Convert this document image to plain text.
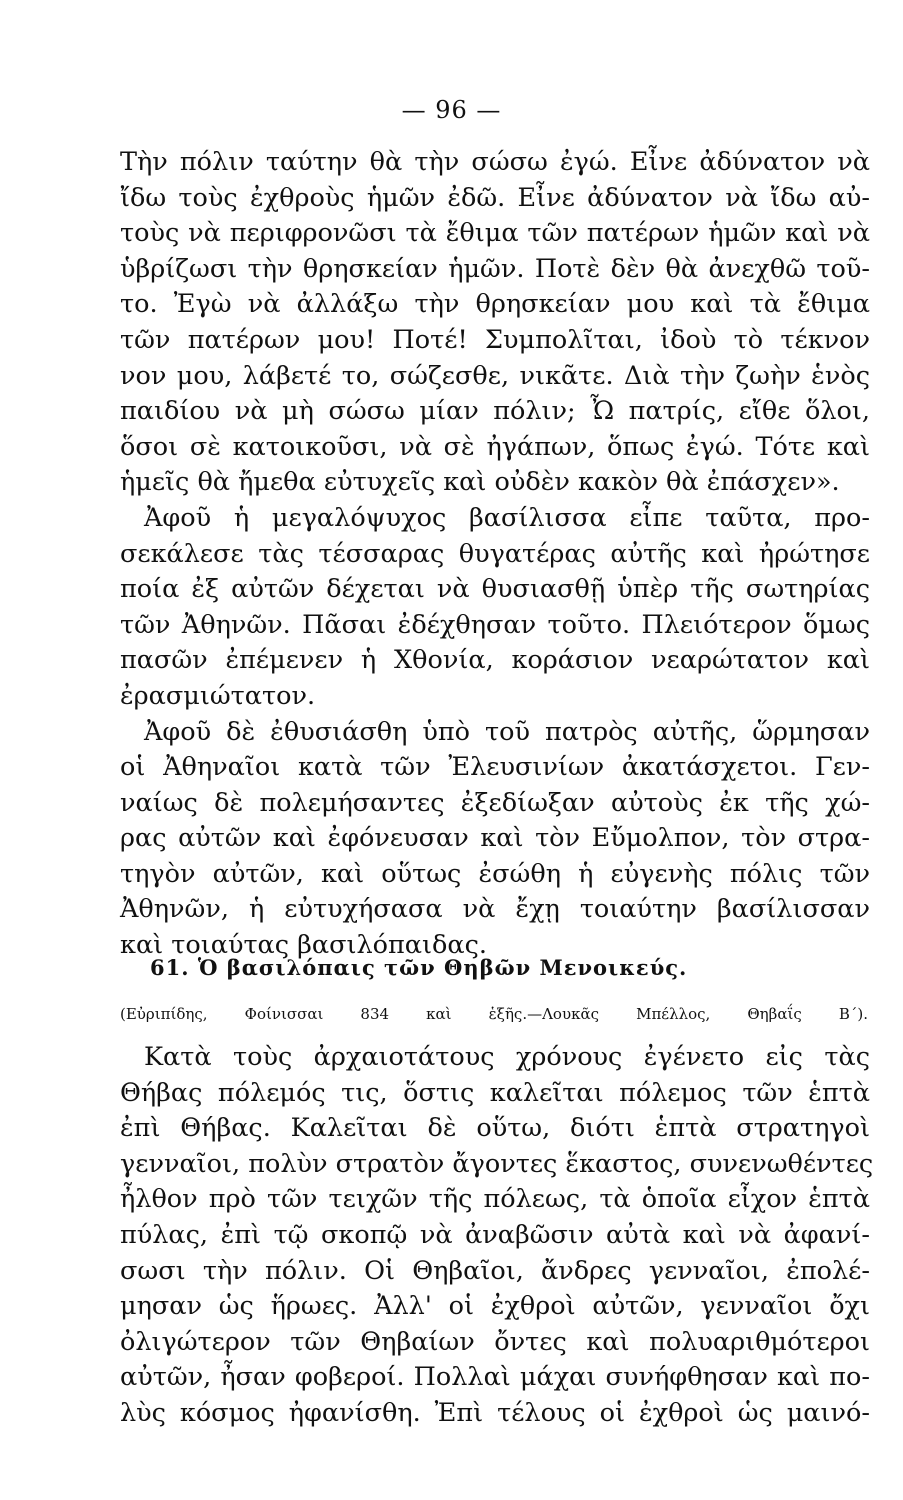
— 96 —
Τὴν πόλιν ταύτην θὰ τὴν σώσω ἐγώ. Εἶνε ἀδύνατον νὰ
ἴδω τοὺς ἐχθροὺς ἡμῶν ἐδῶ. Εἶνε ἀδύνατον νὰ ἴδω αὐ-
τοὺς νὰ περιφρονῶσι τὰ ἔθιμα τῶν πατέρων ἡμῶν καὶ νὰ
ὑβρίζωσι τὴν θρησκείαν ἡμῶν. Ποτὲ δὲν θὰ ἀνεχθῶ τοῦ-
το. Ἐγὼ νὰ ἀλλάξω τὴν θρησκείαν μου καὶ τὰ ἔθιμα
τῶν πατέρων μου! Ποτέ! Συμπολῖται, ἰδοὺ τὸ τέκνον
νον μου, λάβετέ το, σώζεσθε, νικᾶτε. Διὰ τὴν ζωὴν ἑνὸς
παιδίου νὰ μὴ σώσω μίαν πόλιν; Ὦ πατρίς, εἴθε ὅλοι,
ὅσοι σὲ κατοικοῦσι, νὰ σὲ ἠγάπων, ὅπως ἐγώ. Τότε καὶ
ἡμεῖς θὰ ἤμεθα εὐτυχεῖς καὶ οὐδὲν κακὸν θὰ ἐπάσχεν».
Ἀφοῦ ἡ μεγαλόψυχος βασίλισσα εἶπε ταῦτα, προ-
σεκάλεσε τὰς τέσσαρας θυγατέρας αὐτῆς καὶ ἠρώτησε
ποία ἐξ αὐτῶν δέχεται νὰ θυσιασθῇ ὑπὲρ τῆς σωτηρίας
τῶν Ἀθηνῶν. Πᾶσαι ἐδέχθησαν τοῦτο. Πλειότερον ὅμως
πασῶν ἐπέμενεν ἡ Χθονία, κοράσιον νεαρώτατον καὶ
ἐρασμιώτατον.
Ἀφοῦ δὲ ἐθυσιάσθη ὑπὸ τοῦ πατρὸς αὐτῆς, ὥρμησαν
οἱ Ἀθηναῖοι κατὰ τῶν Ἐλευσινίων ἀκατάσχετοι. Γεν-
ναίως δὲ πολεμήσαντες ἐξεδίωξαν αὐτοὺς ἐκ τῆς χώ-
ρας αὐτῶν καὶ ἐφόνευσαν καὶ τὸν Εὔμολπον, τὸν στρα-
τηγὸν αὐτῶν, καὶ οὕτως ἐσώθη ἡ εὐγενὴς πόλις τῶν
Ἀθηνῶν, ἡ εὐτυχήσασα νὰ ἔχῃ τοιαύτην βασίλισσαν
καὶ τοιαύτας βασιλόπαιδας.
61. Ὁ βασιλόπαις τῶν Θηβῶν Μενοικεύς.
(Εὐριπίδης, Φοίνισσαι 834 καὶ ἑξῆς.—Λουκᾶς Μπέλλος, Θηβαΐς Β΄).
Κατὰ τοὺς ἀρχαιοτάτους χρόνους ἐγένετο εἰς τὰς
Θήβας πόλεμός τις, ὅστις καλεῖται πόλεμος τῶν ἑπτὰ
ἐπὶ Θήβας. Καλεῖται δὲ οὕτω, διότι ἑπτὰ στρατηγοὶ
γενναῖοι, πολὺν στρατὸν ἄγοντες ἕκαστος, συνενωθέντες
ἦλθον πρὸ τῶν τειχῶν τῆς πόλεως, τὰ ὁποῖα εἶχον ἑπτὰ
πύλας, ἐπὶ τῷ σκοπῷ νὰ ἀναβῶσιν αὐτὰ καὶ νὰ ἀφανί-
σωσι τὴν πόλιν. Οἱ Θηβαῖοι, ἄνδρες γενναῖοι, ἐπολέ-
μησαν ὡς ἥρωες. Ἀλλ' οἱ ἐχθροὶ αὐτῶν, γενναῖοι ὄχι
ὀλιγώτερον τῶν Θηβαίων ὄντες καὶ πολυαριθμότεροι
αὐτῶν, ἦσαν φοβεροί. Πολλαὶ μάχαι συνήφθησαν καὶ πο-
λὺς κόσμος ἠφανίσθη. Ἐπὶ τέλους οἱ ἐχθροὶ ὡς μαινό-
